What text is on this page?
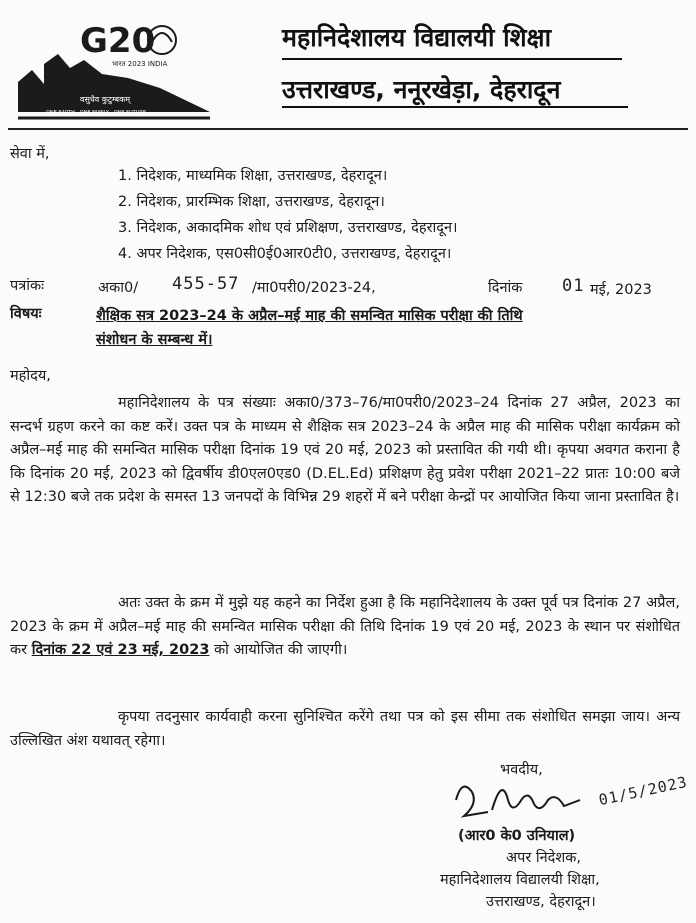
G20
भारत 2023 INDIA
वसुधैव कुटुम्बकम्
ONE EARTH · ONE FAMILY · ONE FUTURE
महानिदेशालय विद्यालयी शिक्षा
उत्तराखण्ड, ननूरखेड़ा, देहरादून
सेवा में,
1. निदेशक, माध्यमिक शिक्षा, उत्तराखण्ड, देहरादून।
2. निदेशक, प्रारम्भिक शिक्षा, उत्तराखण्ड, देहरादून।
3. निदेशक, अकादमिक शोध एवं प्रशिक्षण, उत्तराखण्ड, देहरादून।
4. अपर निदेशक, एस0सी0ई0आर0टी0, उत्तराखण्ड, देहरादून।
पत्रांकः	अका0/ 455-57 /मा0परी0/2023-24,	दिनांक 01 मई, 2023
विषयः	शैक्षिक सत्र 2023–24 के अप्रैल–मई माह की समन्वित मासिक परीक्षा की तिथि
संशोधन के सम्बन्ध में।
महोदय,
महानिदेशालय के पत्र संख्याः अका0/373–76/मा0परी0/2023–24 दिनांक 27 अप्रैल, 2023 का सन्दर्भ ग्रहण करने का कष्ट करें। उक्त पत्र के माध्यम से शैक्षिक सत्र 2023–24 के अप्रैल माह की मासिक परीक्षा कार्यक्रम को अप्रैल–मई माह की समन्वित मासिक परीक्षा दिनांक 19 एवं 20 मई, 2023 को प्रस्तावित की गयी थी। कृपया अवगत कराना है कि दिनांक 20 मई, 2023 को द्विवर्षीय डी0एल0एड0 (D.EL.Ed) प्रशिक्षण हेतु प्रवेश परीक्षा 2021–22 प्रातः 10:00 बजे से 12:30 बजे तक प्रदेश के समस्त 13 जनपदों के विभिन्न 29 शहरों में बने परीक्षा केन्द्रों पर आयोजित किया जाना प्रस्तावित है।
अतः उक्त के क्रम में मुझे यह कहने का निर्देश हुआ है कि महानिदेशालय के उक्त पूर्व पत्र दिनांक 27 अप्रैल, 2023 के क्रम में अप्रैल–मई माह की समन्वित मासिक परीक्षा की तिथि दिनांक 19 एवं 20 मई, 2023 के स्थान पर संशोधित कर दिनांक 22 एवं 23 मई, 2023 को आयोजित की जाएगी।
कृपया तदनुसार कार्यवाही करना सुनिश्चित करेंगे तथा पत्र को इस सीमा तक संशोधित समझा जाय। अन्य उल्लिखित अंश यथावत् रहेगा।
भवदीय,
01/5/2023
(आर0 के0 उनियाल)
अपर निदेशक,
महानिदेशालय विद्यालयी शिक्षा,
उत्तराखण्ड, देहरादून।
